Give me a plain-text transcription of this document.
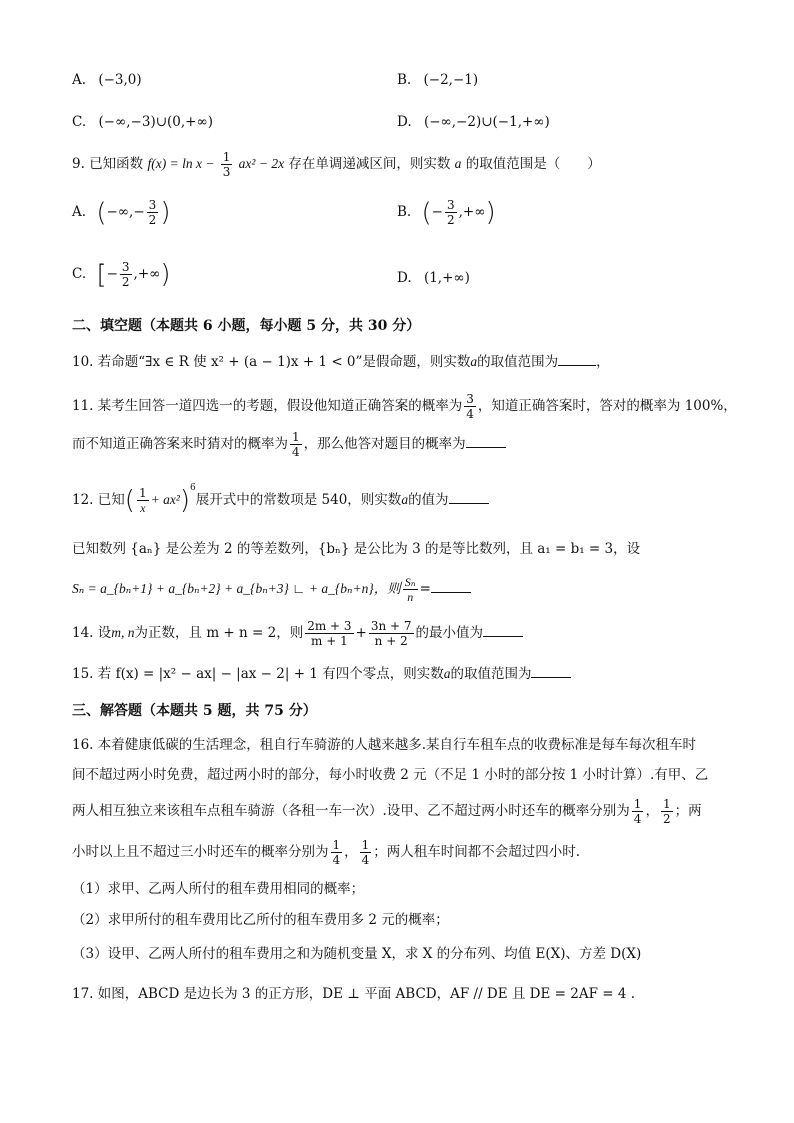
A. (−3,0)	B. (−2,−1)
C. (−∞,−3)∪(0,+∞)	D. (−∞,−2)∪(−1,+∞)
9. 已知函数 $f(x) = \ln x - \frac{1}{3} ax^2 - 2x$ 存在单调递减区间，则实数 a 的取值范围是（　　）
A. (−∞,− $\frac{3}{2}$ )	B. (− $\frac{3}{2}$ ,+∞)
C. [− $\frac{3}{2}$ ,+∞)	D. (1,+∞)
二、填空题（本题共 6 小题，每小题 5 分，共 30 分）
10. 若命题“∃x ∈ R 使 x² + (a − 1)x + 1 < 0”是假命题，则实数a的取值范围为	，
11. 某考生回答一道四选一的考题，假设他知道正确答案的概率为 $\frac{3}{4}$ ，知道正确答案时，答对的概率为 100%，
而不知道正确答案来时猜对的概率为 $\frac{1}{4}$ ，那么他答对题目的概率为
12. 已知( $\frac{1}{x} + ax^2)^6$展开式中的常数项是 540，则实数a的值为
已知数列 {aₙ} 是公差为 2 的等差数列，{bₙ} 是公比为 3 的是等比数列，且 a₁ = b₁ = 3，设
Sₙ = a_{bₙ+1} + a_{bₙ+2} + a_{bₙ+3} ∟ + a_{bₙ+n}，则 $\frac{\text{Sₙ}}{n}$ =
14. 设m, n为正数，且 m + n = 2，则 $\frac{2m + 3}{m + 1} + \frac{3n + 7}{n + 2}$ 的最小值为
15. 若 f(x) = |x² − ax| − |ax − 2| + 1 有四个零点，则实数a的取值范围为
三、解答题（本题共 5 题，共 75 分）
16. 本着健康低碳的生活理念，租自行车骑游的人越来越多.某自行车租车点的收费标准是每车每次租车时
间不超过两小时免费，超过两小时的部分，每小时收费 2 元（不足 1 小时的部分按 1 小时计算）.有甲、乙
两人相互独立来该租车点租车骑游（各租一车一次）.设甲、乙不超过两小时还车的概率分别为 $\frac{1}{4}$ ， $\frac{1}{2}$ ；两
小时以上且不超过三小时还车的概率分别为 $\frac{1}{4}$ ， $\frac{1}{4}$ ；两人租车时间都不会超过四小时.
（1）求甲、乙两人所付的租车费用相同的概率；
（2）求甲所付的租车费用比乙所付的租车费用多 2 元的概率；
（3）设甲、乙两人所付的租车费用之和为随机变量 X，求 X 的分布列、均值 E(X)、方差 D(X)
17. 如图，ABCD 是边长为 3 的正方形，DE ⊥ 平面 ABCD，AF // DE 且 DE = 2AF = 4 .
